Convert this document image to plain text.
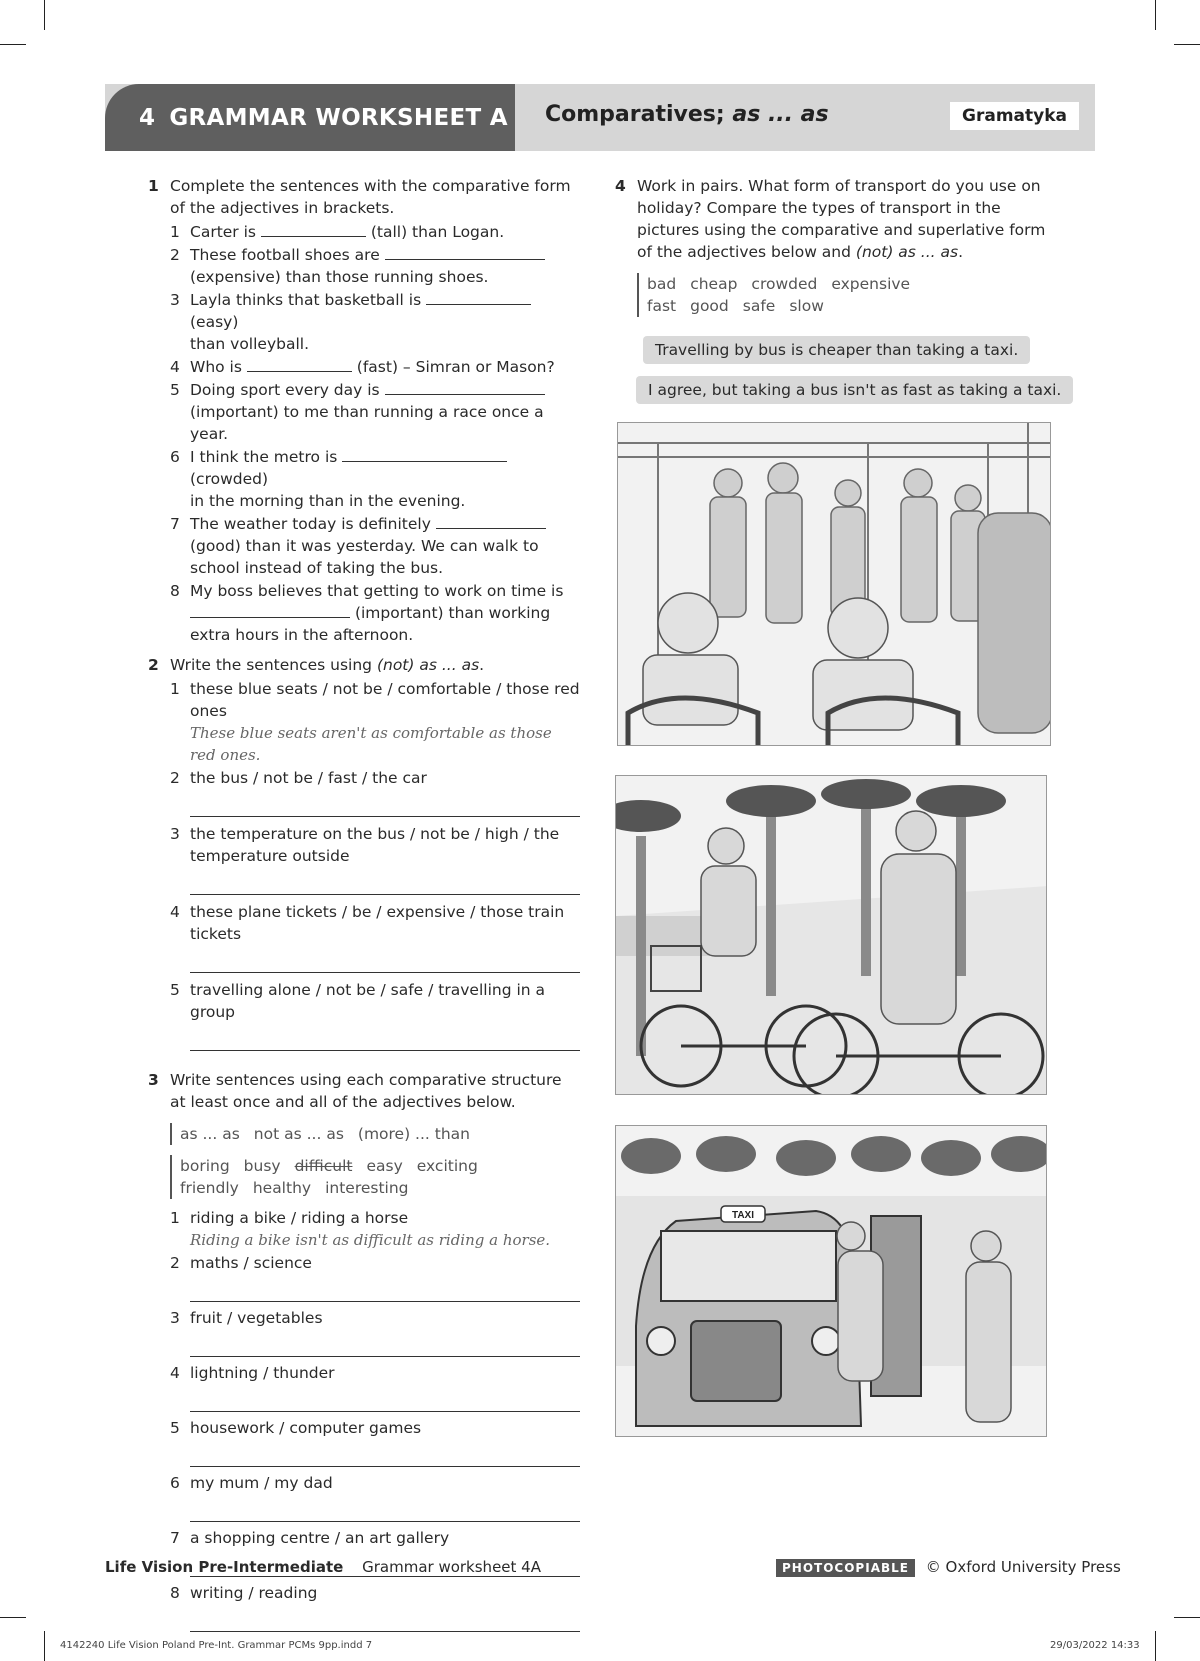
4 GRAMMAR WORKSHEET A Comparatives; as ... as	Gramatyka
1 Complete the sentences with the comparative form of the adjectives in brackets.
1 Carter is	(tall) than Logan.
2 These football shoes are
(expensive) than those running shoes.
3 Layla thinks that basketball is  (easy)
than volleyball.
4 Who is	(fast) – Simran or Mason?
5 Doing sport every day is
(important) to me than running a race once a year.
6 I think the metro is  (crowded)
in the morning than in the evening.
7 The weather today is definitely
(good) than it was yesterday. We can walk to school instead of taking the bus.
8 My boss believes that getting to work on time is
(important) than working
extra hours in the afternoon.
2 Write the sentences using (not) as ... as.
1 these blue seats / not be / comfortable / those red ones
These blue seats aren't as comfortable as those red ones.
2 the bus / not be / fast / the car
3 the temperature on the bus / not be / high / the temperature outside
4 these plane tickets / be / expensive / those train tickets
5 travelling alone / not be / safe / travelling in a group
3 Write sentences using each comparative structure at least once and all of the adjectives below.
as ... as not as ... as (more) ... than
boring busy difficult easy exciting
friendly healthy interesting
1 riding a bike / riding a horse
Riding a bike isn't as difficult as riding a horse.
2 maths / science
3 fruit / vegetables
4 lightning / thunder
5 housework / computer games
6 my mum / my dad
7 a shopping centre / an art gallery
8 writing / reading
4 Work in pairs. What form of transport do you use on holiday? Compare the types of transport in the pictures using the comparative and superlative form of the adjectives below and (not) as ... as.
bad cheap crowded expensive
fast good safe slow
Travelling by bus is cheaper than taking a taxi.
I agree, but taking a bus isn't as fast as taking a taxi.
TAXI
Life Vision Pre-Intermediate Grammar worksheet 4A	PHOTOCOPIABLE © Oxford University Press
4142240 Life Vision Poland Pre-Int. Grammar PCMs 9pp.indd 7	29/03/2022 14:33
